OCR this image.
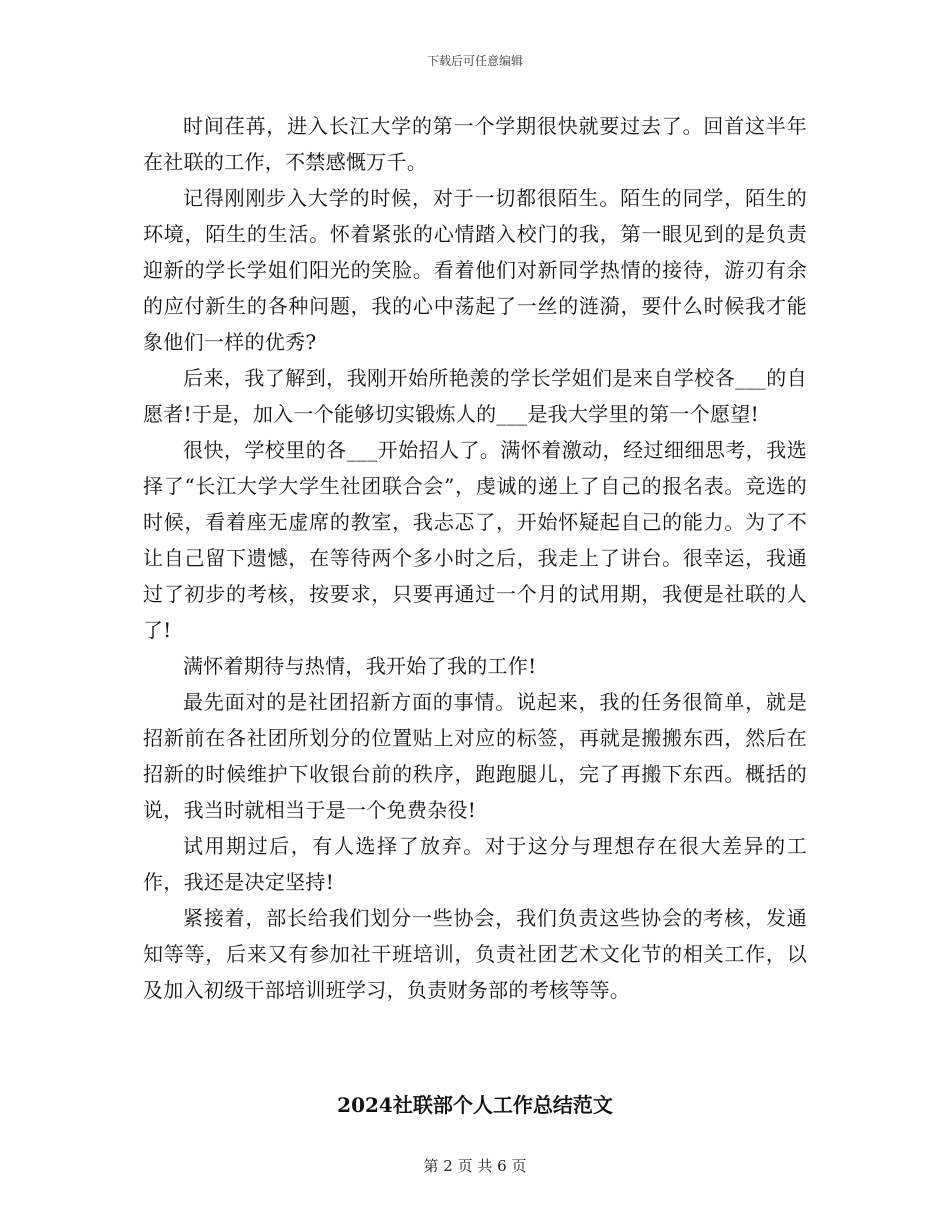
下载后可任意编辑

时间荏苒，进入长江大学的第一个学期很快就要过去了。回首这半年在社联的工作，不禁感慨万千。

记得刚刚步入大学的时候，对于一切都很陌生。陌生的同学，陌生的环境，陌生的生活。怀着紧张的心情踏入校门的我，第一眼见到的是负责迎新的学长学姐们阳光的笑脸。看着他们对新同学热情的接待，游刃有余的应付新生的各种问题，我的心中荡起了一丝的涟漪，要什么时候我才能象他们一样的优秀?

后来，我了解到，我刚开始所艳羡的学长学姐们是来自学校各___的自愿者!于是，加入一个能够切实锻炼人的___是我大学里的第一个愿望!

很快，学校里的各___开始招人了。满怀着激动，经过细细思考，我选择了“长江大学大学生社团联合会”，虔诚的递上了自己的报名表。竞选的时候，看着座无虚席的教室，我忐忑了，开始怀疑起自己的能力。为了不让自己留下遗憾，在等待两个多小时之后，我走上了讲台。很幸运，我通过了初步的考核，按要求，只要再通过一个月的试用期，我便是社联的人了!

满怀着期待与热情，我开始了我的工作!

最先面对的是社团招新方面的事情。说起来，我的任务很简单，就是招新前在各社团所划分的位置贴上对应的标签，再就是搬搬东西，然后在招新的时候维护下收银台前的秩序，跑跑腿儿，完了再搬下东西。概括的说，我当时就相当于是一个免费杂役!

试用期过后，有人选择了放弃。对于这分与理想存在很大差异的工作，我还是决定坚持!

紧接着，部长给我们划分一些协会，我们负责这些协会的考核，发通知等等，后来又有参加社干班培训，负责社团艺术文化节的相关工作，以及加入初级干部培训班学习，负责财务部的考核等等。

2024社联部个人工作总结范文
第 2 页 共 6 页
